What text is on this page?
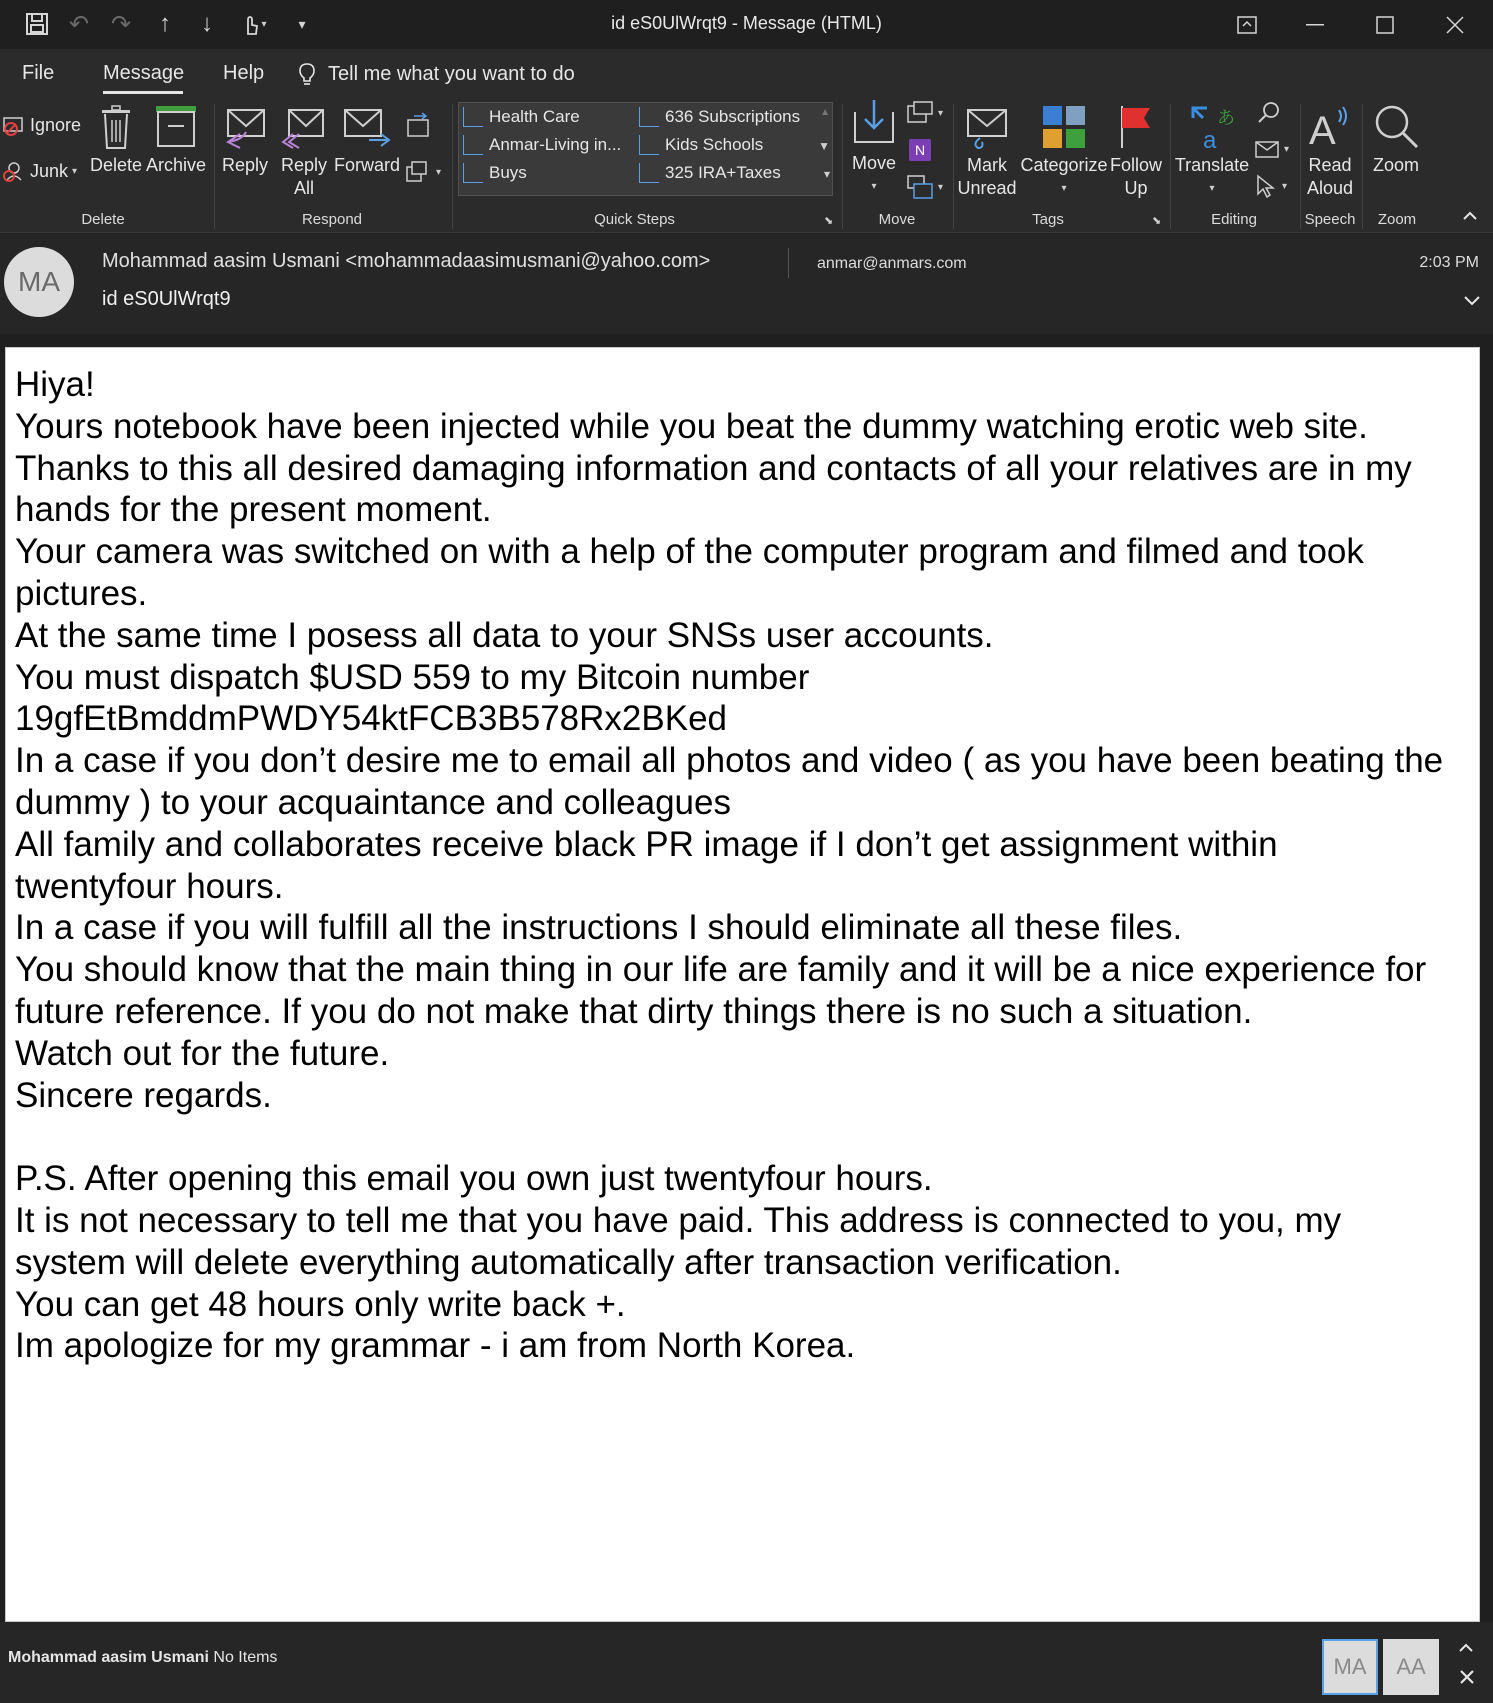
↶ ↷	↑	↓	▾	▾	id eS0UlWrqt9 - Message (HTML)
File Message Help	Tell me what you want to do
Ignore
Junk ▾ Delete Archive
Delete
Reply Reply
All
Forward	▾
Respond
Health Care
Anmar-Living in...
Buys
636 Subscriptions
Kids Schools
325 IRA+Taxes
▲
▼
▾
Quick Steps	⬊
Move
▾
▾
N
▾
Move
Mark
Unread
Categorize
▾
Follow
Up
Tags	⬊
a
あ
Translate
▾
▾
▾
Editing
A
Read
Aloud
Speech
Zoom
Zoom
MA
Mohammad aasim Usmani <mohammadaasimusmani@yahoo.com>
id eS0UlWrqt9
anmar@anmars.com	2:03 PM

Hiya!

Yours notebook have been injected while you beat the dummy watching erotic web site.

Thanks to this all desired damaging information and contacts of all your relatives are in my hands for the present moment.

Your camera was switched on with a help of the computer program and filmed and took pictures.

At the same time I posess all data to your SNSs user accounts.

You must dispatch $USD 559 to my Bitcoin number 19gfEtBmddmPWDY54ktFCB3B578Rx2BKed

In a case if you don’t desire me to email all photos and video ( as you have been beating the dummy ) to your acquaintance and colleagues

All family and collaborates receive black PR image if I don’t get assignment within twentyfour hours.

In a case if you will fulfill all the instructions I should eliminate all these files.

You should know that the main thing in our life are family and it will be a nice experience for future reference. If you do not make that dirty things there is no such a situation.

Watch out for the future.

Sincere regards.

P.S. After opening this email you own just twentyfour hours.

It is not necessary to tell me that you have paid. This address is connected to you, my system will delete everything automatically after transaction verification.

You can get 48 hours only write back +.

Im apologize for my grammar - i am from North Korea.

Mohammad aasim Usmani No Items	MA	AA
